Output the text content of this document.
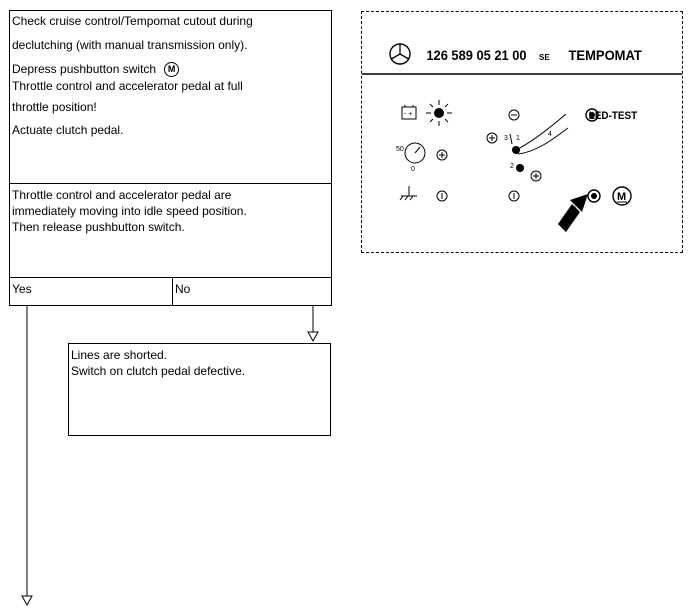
Check cruise control/Tempomat cutout during
declutching (with manual transmission only).
Depress pushbutton switch M
Throttle control and accelerator pedal at full
throttle position!
Actuate clutch pedal.
Throttle control and accelerator pedal are
immediately moving into idle speed position.
Then release pushbutton switch.
Yes	No
Lines are shorted.
Switch on clutch pedal defective.
126 589 05 21 00 SE TEMPOMAT
- +	LED-TEST
50
0
3 1
2
4
M
